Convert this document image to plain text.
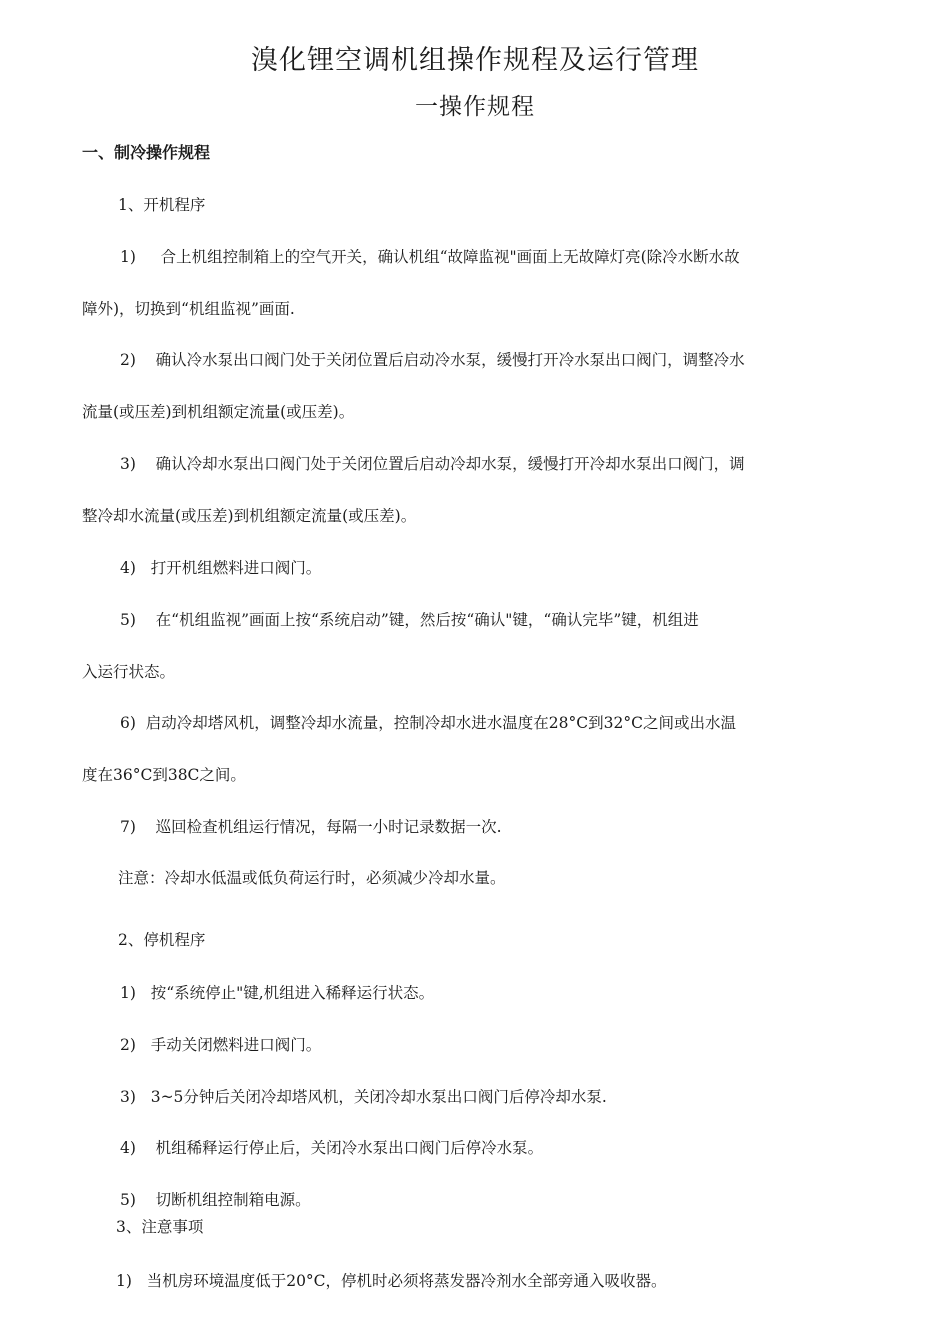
溴化锂空调机组操作规程及运行管理
一操作规程
一、制冷操作规程
1、开机程序
1) 合上机组控制箱上的空气开关，确认机组“故障监视"画面上无故障灯亮(除冷水断水故
障外)，切换到“机组监视”画面.
2) 确认冷水泵出口阀门处于关闭位置后启动冷水泵，缓慢打开冷水泵出口阀门，调整冷水
流量(或压差)到机组额定流量(或压差)。
3) 确认冷却水泵出口阀门处于关闭位置后启动冷却水泵，缓慢打开冷却水泵出口阀门，调
整冷却水流量(或压差)到机组额定流量(或压差)。
4) 打开机组燃料进口阀门。
5) 在“机组监视”画面上按“系统启动”键，然后按“确认"键，“确认完毕”键，机组进
入运行状态。
6) 启动冷却塔风机，调整冷却水流量，控制冷却水进水温度在28°C到32°C之间或出水温
度在36°C到38C之间。
7) 巡回检查机组运行情况，每隔一小时记录数据一次.
注意：冷却水低温或低负荷运行时，必须减少冷却水量。
2、停机程序
1) 按“系统停止"键,机组进入稀释运行状态。
2) 手动关闭燃料进口阀门。
3) 3~5分钟后关闭冷却塔风机，关闭冷却水泵出口阀门后停冷却水泵.
4) 机组稀释运行停止后，关闭冷水泵出口阀门后停冷水泵。
5) 切断机组控制箱电源。
3、注意事项
1) 当机房环境温度低于20°C，停机时必须将蒸发器冷剂水全部旁通入吸收器。
